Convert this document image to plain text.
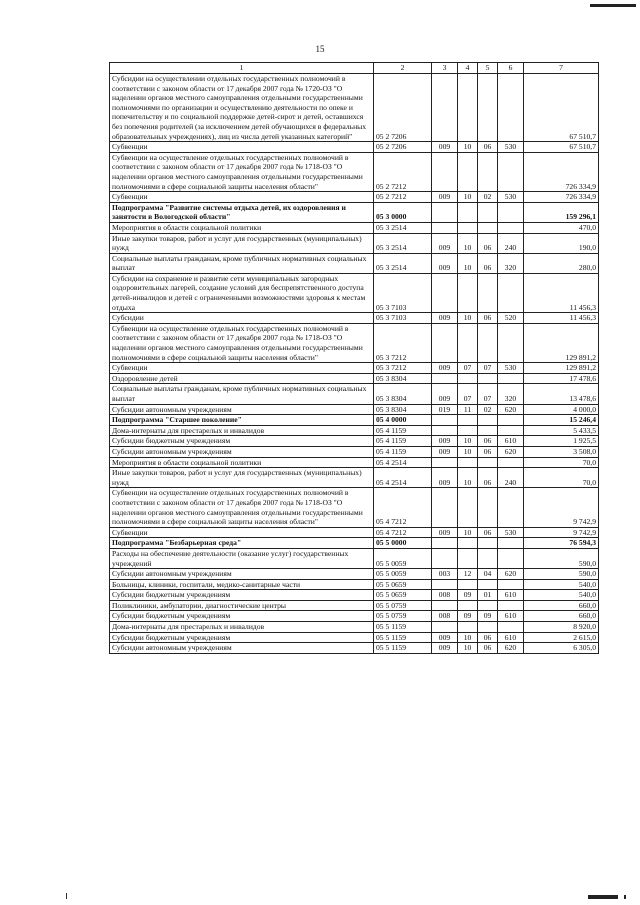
15
1	2	3	4	5	6	7
Субсидии на осуществлении отдельных государственных полномочий в соответствии с законом области от 17 декабря 2007 года № 1720-ОЗ "О наделении органов местного самоуправления отдельными государственными полномочиями по организации и осуществлению деятельности по опеке и попечительству и по социальной поддержке детей-сирот и детей, оставшихся без попечения родителей (за исключением детей обучающихся в федеральных образовательных учреждениях), лиц из числа детей указанных категорий"	05 2 7206					67 510,7
Субвенции	05 2 7206	009	10	06	530	67 510,7
Субвенции на осуществление отдельных государственных полномочий в соответствии с законом области от 17 декабря 2007 года № 1718-ОЗ "О наделении органов местного самоуправления отдельными государственными полномочиями в сфере социальной защиты населения области"	05 2 7212					726 334,9
Субвенции	05 2 7212	009	10	02	530	726 334,9
Подпрограмма "Развитие системы отдыха детей, их оздоровления и занятости в Вологодской области"	05 3 0000					159 296,1
Мероприятия в области социальной политики	05 3 2514					470,0
Иные закупки товаров, работ и услуг для государственных (муниципальных) нужд	05 3 2514	009	10	06	240	190,0
Социальные выплаты гражданам, кроме публичных нормативных социальных выплат	05 3 2514	009	10	06	320	280,0
Субсидии на сохранение и развитие сети муниципальных загородных оздоровительных лагерей, создание условий для беспрепятственного доступа детей-инвалидов и детей с ограниченными возможностями здоровья к местам отдыха	05 3 7103					11 456,3
Субсидии	05 3 7103	009	10	06	520	11 456,3
Субвенции на осуществление отдельных государственных полномочий в соответствии с законом области от 17 декабря 2007 года № 1718-ОЗ "О наделении органов местного самоуправления отдельными государственными полномочиями в сфере социальной защиты населения области"	05 3 7212					129 891,2
Субвенции	05 3 7212	009	07	07	530	129 891,2
Оздоровление детей	05 3 8304					17 478,6
Социальные выплаты гражданам, кроме публичных нормативных социальных выплат	05 3 8304	009	07	07	320	13 478,6
Субсидии автономным учреждениям	05 3 8304	019	11	02	620	4 000,0
Подпрограмма "Старшее поколение"	05 4 0000					15 246,4
Дома-интернаты для престарелых и инвалидов	05 4 1159					5 433,5
Субсидии бюджетным учреждениям	05 4 1159	009	10	06	610	1 925,5
Субсидии автономным учреждениям	05 4 1159	009	10	06	620	3 508,0
Мероприятия в области социальной политики	05 4 2514					70,0
Иные закупки товаров, работ и услуг для государственных (муниципальных) нужд	05 4 2514	009	10	06	240	70,0
Субвенции на осуществление отдельных государственных полномочий в соответствии с законом области от 17 декабря 2007 года № 1718-ОЗ "О наделении органов местного самоуправления отдельными государственными полномочиями в сфере социальной защиты населения области"	05 4 7212					9 742,9
Субвенции	05 4 7212	009	10	06	530	9 742,9
Подпрограмма "Безбарьерная среда"	05 5 0000					76 594,3
Расходы на обеспечение деятельности (оказание услуг) государственных учреждений	05 5 0059					590,0
Субсидии автономным учреждениям	05 5 0059	003	12	04	620	590,0
Больницы, клиники, госпитали, медико-санитарные части	05 5 0659					540,0
Субсидии бюджетным учреждениям	05 5 0659	008	09	01	610	540,0
Поликлиники, амбулатории, диагностические центры	05 5 0759					660,0
Субсидии бюджетным учреждениям	05 5 0759	008	09	09	610	660,0
Дома-интернаты для престарелых и инвалидов	05 5 1159					8 920,0
Субсидии бюджетным учреждениям	05 5 1159	009	10	06	610	2 615,0
Субсидии автономным учреждениям	05 5 1159	009	10	06	620	6 305,0
